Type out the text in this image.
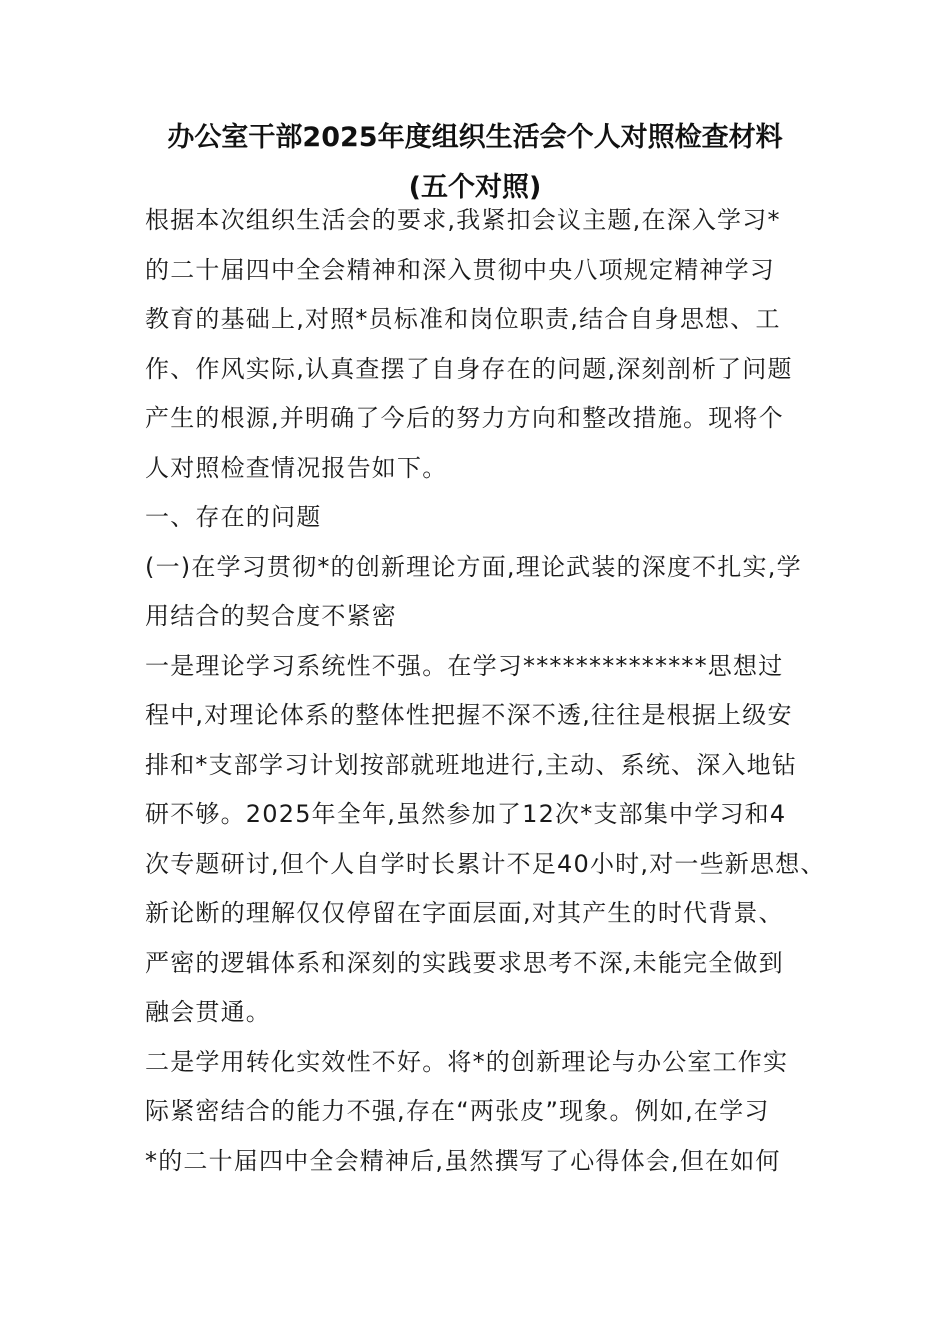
办公室干部2025年度组织生活会个人对照检查材料
(五个对照)
根据本次组织生活会的要求,我紧扣会议主题,在深入学习*
的二十届四中全会精神和深入贯彻中央八项规定精神学习
教育的基础上,对照*员标准和岗位职责,结合自身思想、工
作、作风实际,认真查摆了自身存在的问题,深刻剖析了问题
产生的根源,并明确了今后的努力方向和整改措施。现将个
人对照检查情况报告如下。
一、存在的问题
(一)在学习贯彻*的创新理论方面,理论武装的深度不扎实,学
用结合的契合度不紧密
一是理论学习系统性不强。在学习**************思想过
程中,对理论体系的整体性把握不深不透,往往是根据上级安
排和*支部学习计划按部就班地进行,主动、系统、深入地钻
研不够。2025年全年,虽然参加了12次*支部集中学习和4
次专题研讨,但个人自学时长累计不足40小时,对一些新思想、
新论断的理解仅仅停留在字面层面,对其产生的时代背景、
严密的逻辑体系和深刻的实践要求思考不深,未能完全做到
融会贯通。
二是学用转化实效性不好。将*的创新理论与办公室工作实
际紧密结合的能力不强,存在“两张皮”现象。例如,在学习
*的二十届四中全会精神后,虽然撰写了心得体会,但在如何
